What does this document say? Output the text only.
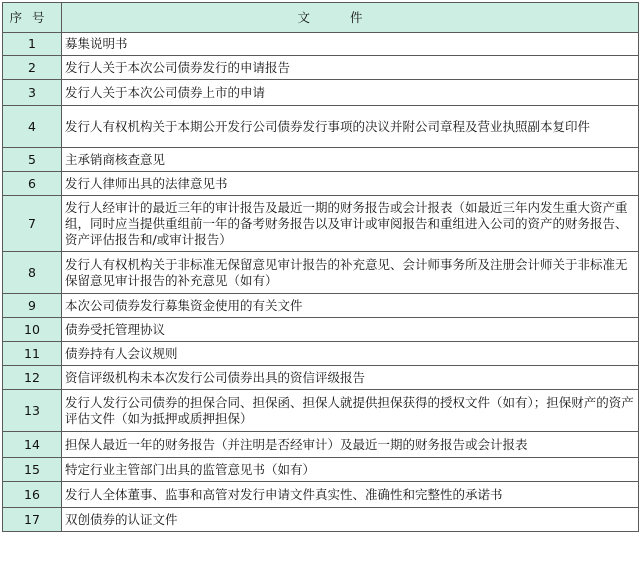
序号	文件
1	募集说明书
2	发行人关于本次公司债券发行的申请报告
3	发行人关于本次公司债券上市的申请
4	发行人有权机构关于本期公开发行公司债券发行事项的决议并附公司章程及营业执照副本复印件
5	主承销商核查意见
6	发行人律师出具的法律意见书
7	发行人经审计的最近三年的审计报告及最近一期的财务报告或会计报表（如最近三年内发生重大资产重组，同时应当提供重组前一年的备考财务报告以及审计或审阅报告和重组进入公司的资产的财务报告、资产评估报告和/或审计报告）
8	发行人有权机构关于非标准无保留意见审计报告的补充意见、会计师事务所及注册会计师关于非标准无保留意见审计报告的补充意见（如有）
9	本次公司债券发行募集资金使用的有关文件
10	债券受托管理协议
11	债券持有人会议规则
12	资信评级机构未本次发行公司债券出具的资信评级报告
13	发行人发行公司债券的担保合同、担保函、担保人就提供担保获得的授权文件（如有）；担保财产的资产评估文件（如为抵押或质押担保）
14	担保人最近一年的财务报告（并注明是否经审计）及最近一期的财务报告或会计报表
15	特定行业主管部门出具的监管意见书（如有）
16	发行人全体董事、监事和高管对发行申请文件真实性、准确性和完整性的承诺书
17	双创债券的认证文件
